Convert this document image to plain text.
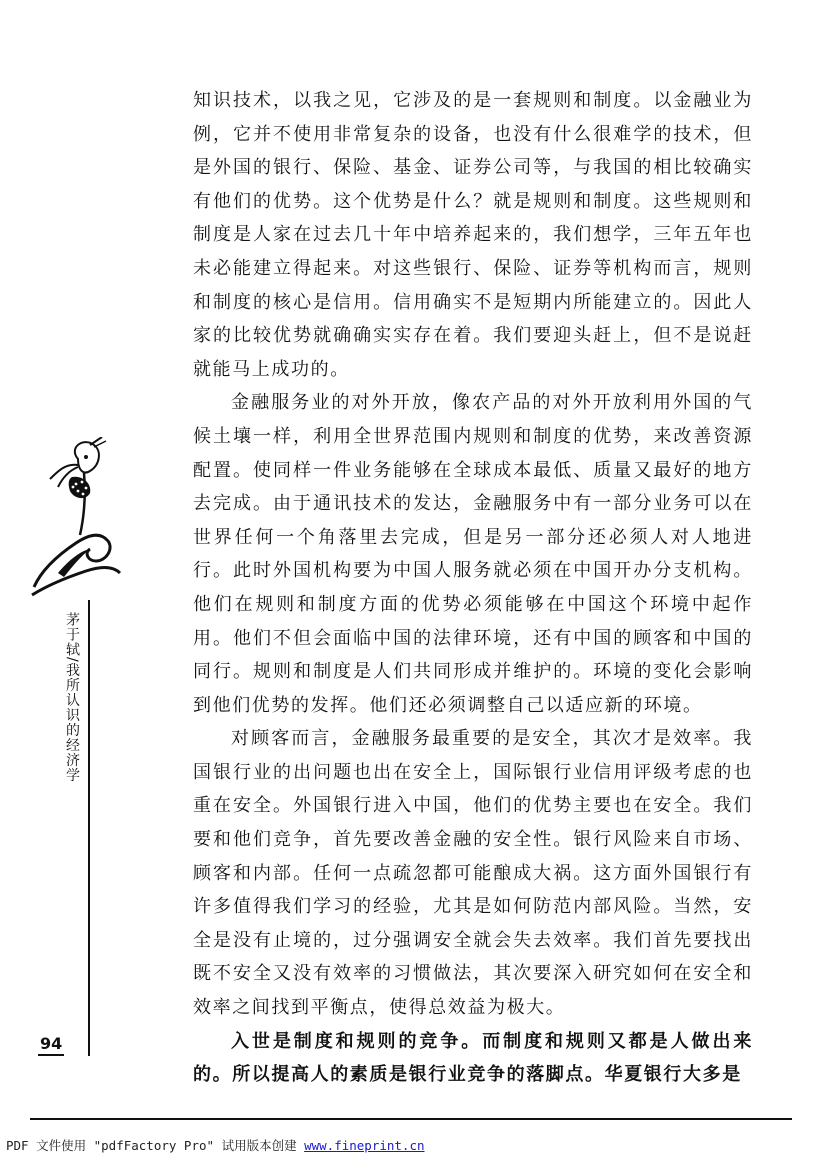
知识技术，以我之见，它涉及的是一套规则和制度。以金融业为例，它并不使用非常复杂的设备，也没有什么很难学的技术，但是外国的银行、保险、基金、证券公司等，与我国的相比较确实有他们的优势。这个优势是什么？就是规则和制度。这些规则和制度是人家在过去几十年中培养起来的，我们想学，三年五年也未必能建立得起来。对这些银行、保险、证券等机构而言，规则和制度的核心是信用。信用确实不是短期内所能建立的。因此人家的比较优势就确确实实存在着。我们要迎头赶上，但不是说赶就能马上成功的。

金融服务业的对外开放，像农产品的对外开放利用外国的气候土壤一样，利用全世界范围内规则和制度的优势，来改善资源配置。使同样一件业务能够在全球成本最低、质量又最好的地方去完成。由于通讯技术的发达，金融服务中有一部分业务可以在世界任何一个角落里去完成，但是另一部分还必须人对人地进行。此时外国机构要为中国人服务就必须在中国开办分支机构。他们在规则和制度方面的优势必须能够在中国这个环境中起作用。他们不但会面临中国的法律环境，还有中国的顾客和中国的同行。规则和制度是人们共同形成并维护的。环境的变化会影响到他们优势的发挥。他们还必须调整自己以适应新的环境。

对顾客而言，金融服务最重要的是安全，其次才是效率。我国银行业的出问题也出在安全上，国际银行业信用评级考虑的也重在安全。外国银行进入中国，他们的优势主要也在安全。我们要和他们竞争，首先要改善金融的安全性。银行风险来自市场、顾客和内部。任何一点疏忽都可能酿成大祸。这方面外国银行有许多值得我们学习的经验，尤其是如何防范内部风险。当然，安全是没有止境的，过分强调安全就会失去效率。我们首先要找出既不安全又没有效率的习惯做法，其次要深入研究如何在安全和效率之间找到平衡点，使得总效益为极大。

入世是制度和规则的竞争。而制度和规则又都是人做出来的。所以提高人的素质是银行业竞争的落脚点。华夏银行大多是

茅于轼/我所认识的经济学
94
PDF 文件使用 "pdfFactory Pro" 试用版本创建 www.fineprint.cn
